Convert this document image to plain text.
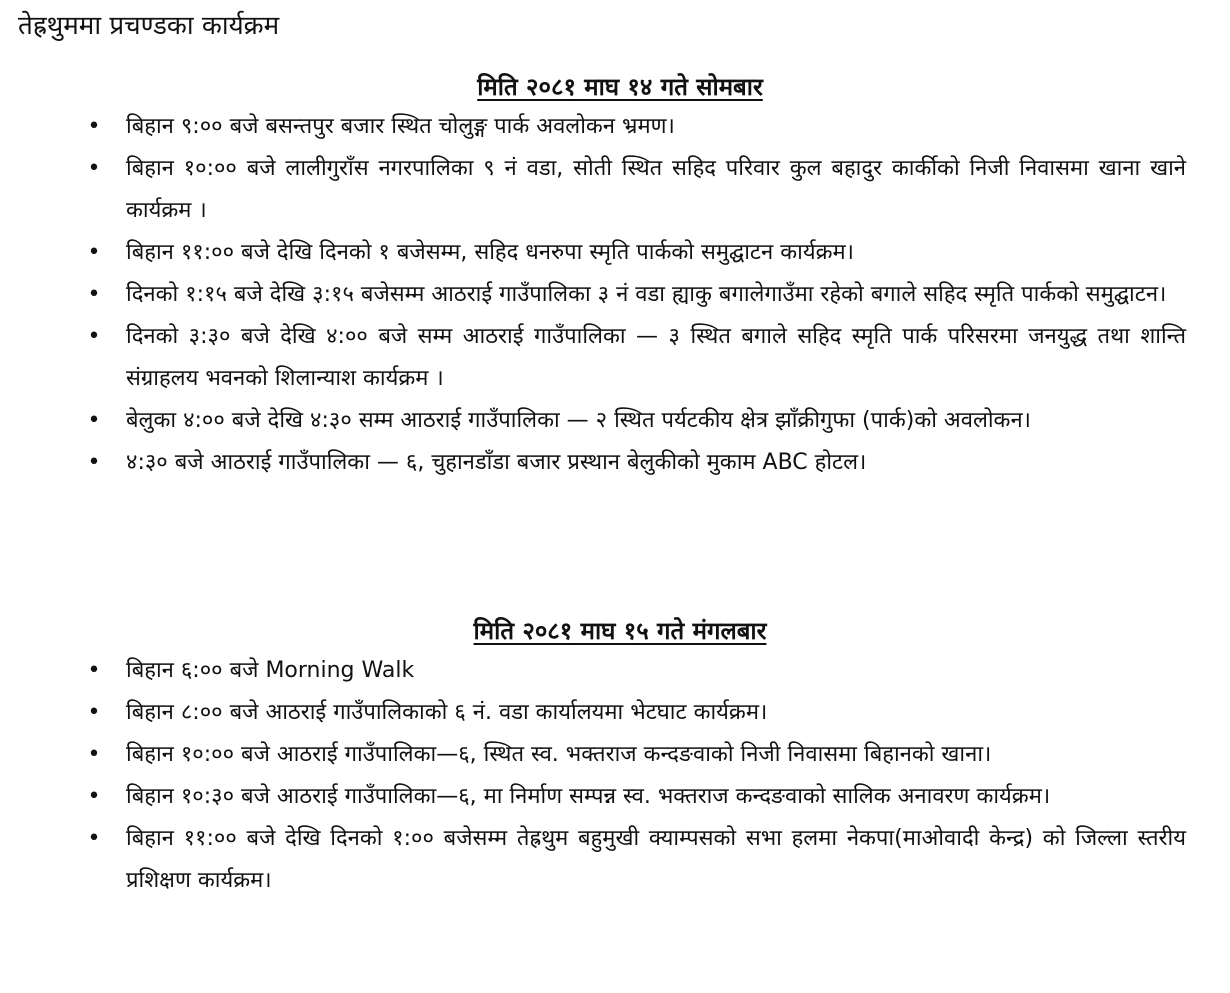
तेह्रथुममा प्रचण्डका कार्यक्रम
मिति २०८१ माघ १४ गते सोमबार
• बिहान ९:०० बजे बसन्तपुर बजार स्थित चोलुङ्ग पार्क अवलोकन भ्रमण।
• बिहान १०:०० बजे लालीगुराँस नगरपालिका ९ नं वडा, सोती स्थित सहिद परिवार कुल बहादुर कार्कीको निजी निवासमा खाना खाने कार्यक्रम ।
• बिहान ११:०० बजे देखि दिनको १ बजेसम्म, सहिद धनरुपा स्मृति पार्कको समुद्घाटन कार्यक्रम।
• दिनको १:१५ बजे देखि ३:१५ बजेसम्म आठराई गाउँपालिका ३ नं वडा ह्याकु बगालेगाउँमा रहेको बगाले सहिद स्मृति पार्कको समुद्घाटन।
• दिनको ३:३० बजे देखि ४:०० बजे सम्म आठराई गाउँपालिका — ३ स्थित बगाले सहिद स्मृति पार्क परिसरमा जनयुद्ध तथा शान्ति संग्राहलय भवनको शिलान्याश कार्यक्रम ।
• बेलुका ४:०० बजे देखि ४:३० सम्म आठराई गाउँपालिका — २ स्थित पर्यटकीय क्षेत्र झाँक्रीगुफा (पार्क)को अवलोकन।
• ४:३० बजे आठराई गाउँपालिका — ६, चुहानडाँडा बजार प्रस्थान बेलुकीको मुकाम ABC होटल।
मिति २०८१ माघ १५ गते मंगलबार
• बिहान ६:०० बजे Morning Walk
• बिहान ८:०० बजे आठराई गाउँपालिकाको ६ नं. वडा कार्यालयमा भेटघाट कार्यक्रम।
• बिहान १०:०० बजे आठराई गाउँपालिका—६, स्थित स्व. भक्तराज कन्दङवाको निजी निवासमा बिहानको खाना।
• बिहान १०:३० बजे आठराई गाउँपालिका—६, मा निर्माण सम्पन्न स्व. भक्तराज कन्दङवाको सालिक अनावरण कार्यक्रम।
• बिहान ११:०० बजे देखि दिनको १:०० बजेसम्म तेह्रथुम बहुमुखी क्याम्पसको सभा हलमा नेकपा(माओवादी केन्द्र) को जिल्ला स्तरीय प्रशिक्षण कार्यक्रम।
